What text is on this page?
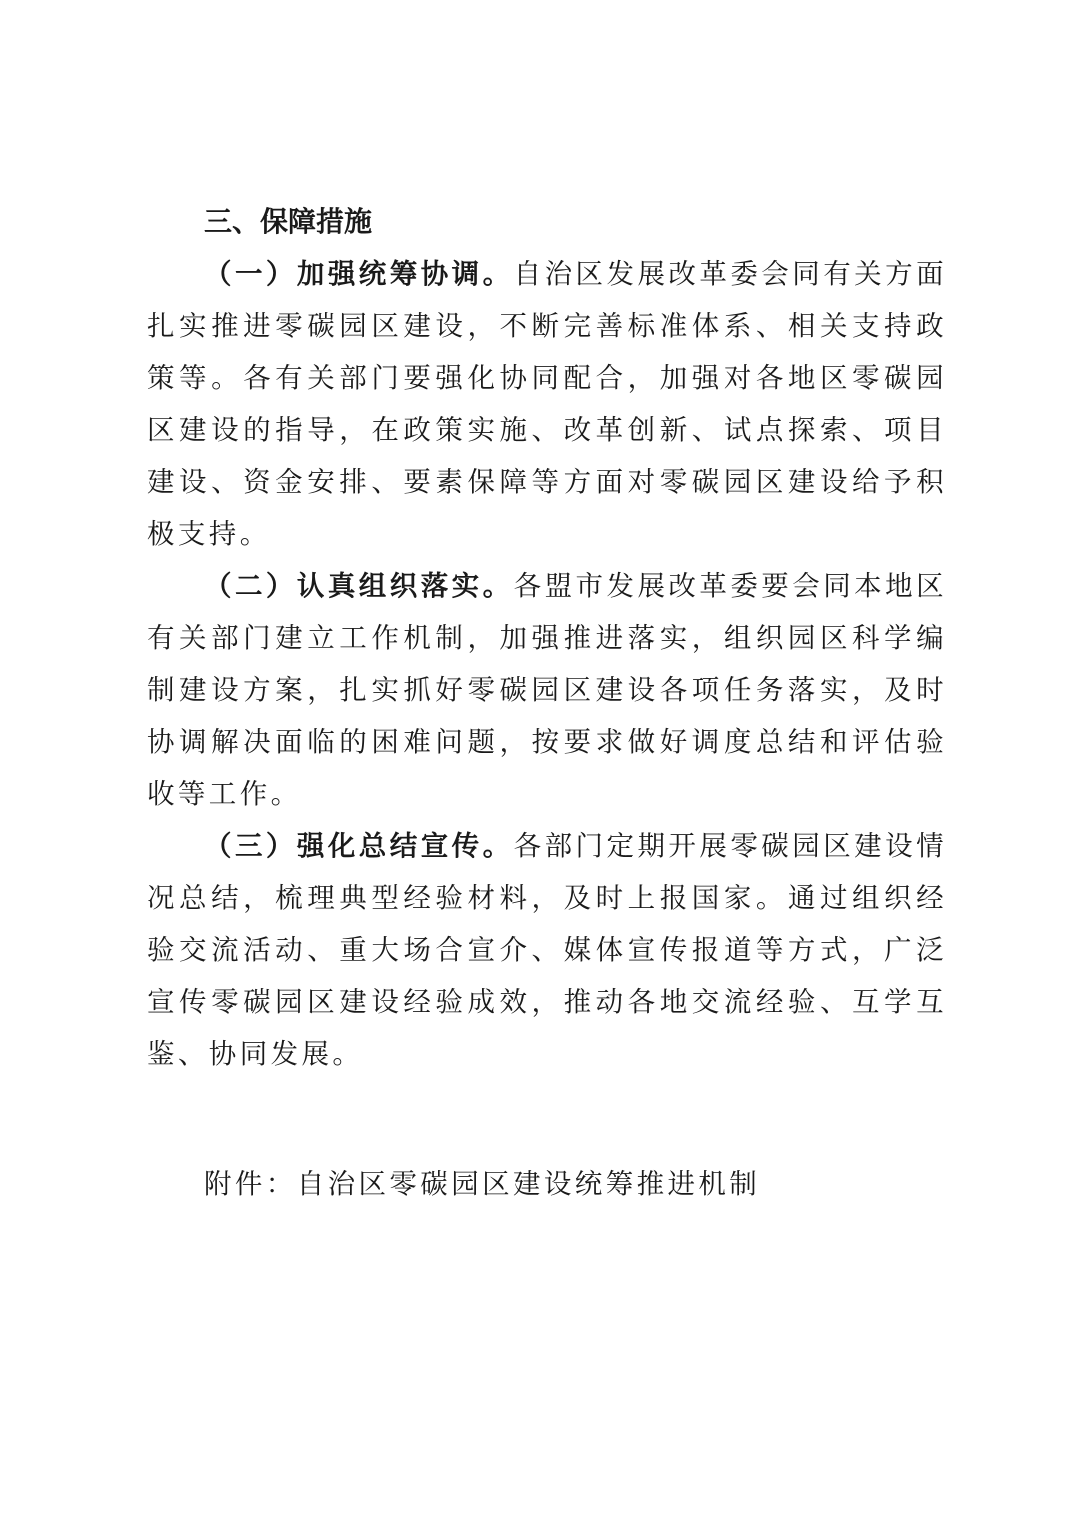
三、保障措施

（一）加强统筹协调。自治区发展改革委会同有关方面扎实推进零碳园区建设，不断完善标准体系、相关支持政策等。各有关部门要强化协同配合，加强对各地区零碳园区建设的指导，在政策实施、改革创新、试点探索、项目建设、资金安排、要素保障等方面对零碳园区建设给予积极支持。

（二）认真组织落实。各盟市发展改革委要会同本地区有关部门建立工作机制，加强推进落实，组织园区科学编制建设方案，扎实抓好零碳园区建设各项任务落实，及时协调解决面临的困难问题，按要求做好调度总结和评估验收等工作。

（三）强化总结宣传。各部门定期开展零碳园区建设情况总结，梳理典型经验材料，及时上报国家。通过组织经验交流活动、重大场合宣介、媒体宣传报道等方式，广泛宣传零碳园区建设经验成效，推动各地交流经验、互学互鉴、协同发展。

附件：自治区零碳园区建设统筹推进机制
